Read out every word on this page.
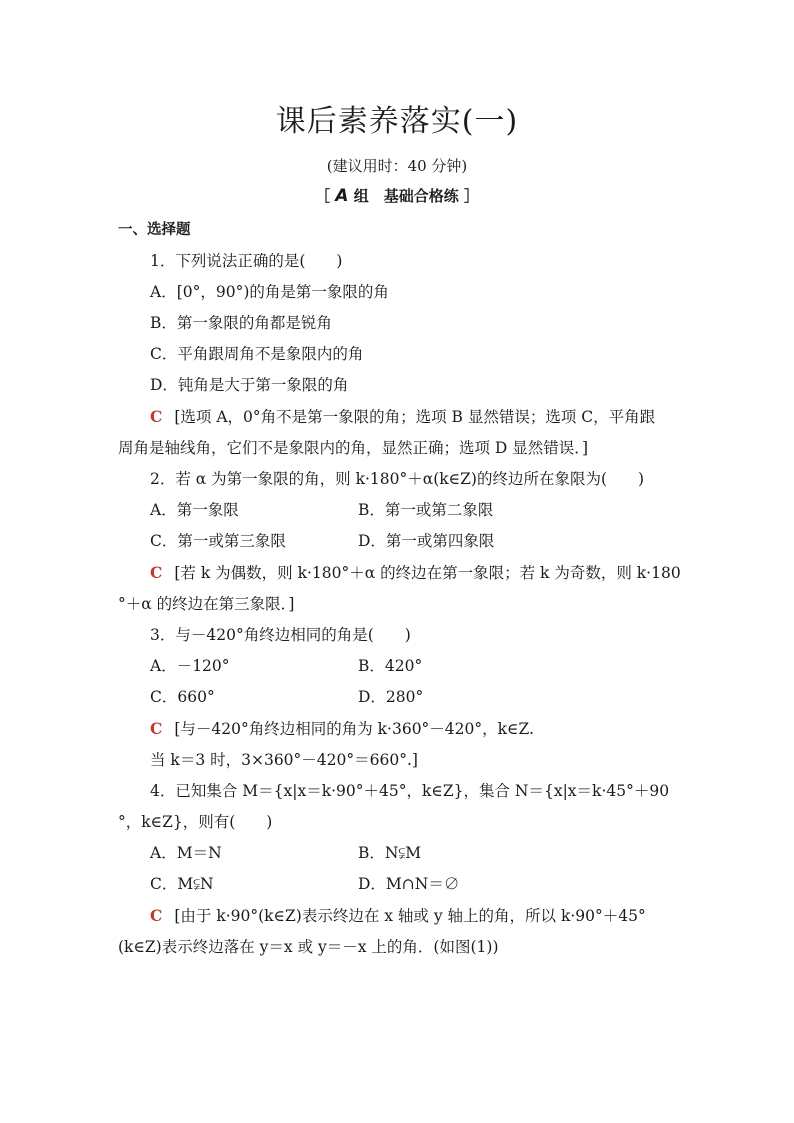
课后素养落实(一)
(建议用时：40 分钟)
［ A 组　基础合格练 ］
一、选择题
1．下列说法正确的是(　　)
A．[0°，90°)的角是第一象限的角
B．第一象限的角都是锐角
C．平角跟周角不是象限内的角
D．钝角是大于第一象限的角
C [选项 A，0°角不是第一象限的角；选项 B 显然错误；选项 C，平角跟
周角是轴线角，它们不是象限内的角，显然正确；选项 D 显然错误．]
2．若 α 为第一象限的角，则 k·180°＋α(k∈Z)的终边所在象限为(　　)
A．第一象限	B．第一或第二象限
C．第一或第三象限	D．第一或第四象限
C [若 k 为偶数，则 k·180°＋α 的终边在第一象限；若 k 为奇数，则 k·180
°＋α 的终边在第三象限．]
3．与－420°角终边相同的角是(　　)
A．－120°	B．420°
C．660°	D．280°
C [与－420°角终边相同的角为 k·360°－420°，k∈Z.
当 k＝3 时，3×360°－420°＝660°.]
4．已知集合 M＝{x|x＝k·90°＋45°，k∈Z}，集合 N＝{x|x＝k·45°＋90
°，k∈Z}，则有(　　)
A．M＝N	B．N⫋M
C．M⫋N	D．M∩N＝∅
C [由于 k·90°(k∈Z)表示终边在 x 轴或 y 轴上的角，所以 k·90°＋45°
(k∈Z)表示终边落在 y＝x 或 y＝－x 上的角．(如图(1))
